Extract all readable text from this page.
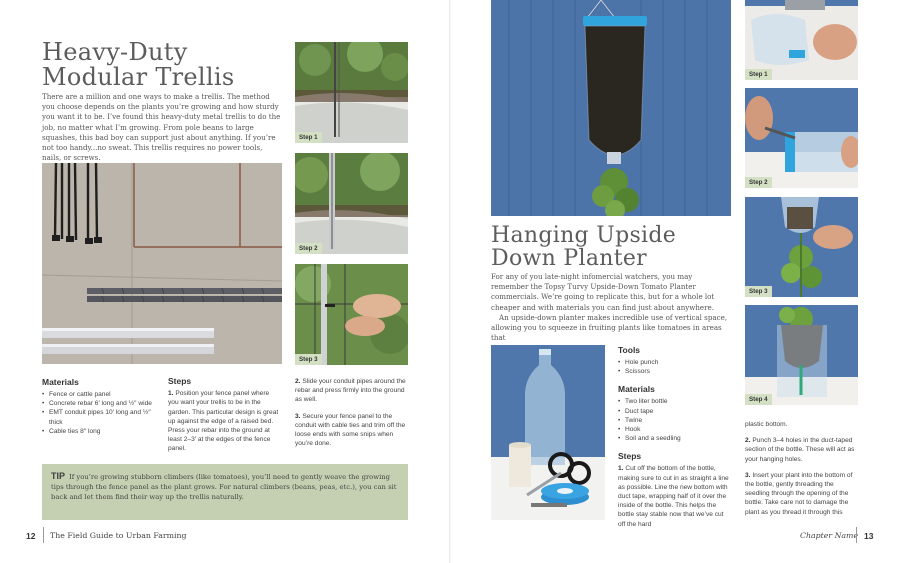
Heavy-Duty
Modular Trellis

There are a million and one ways to make a trellis. The method you choose depends on the plants you’re growing and how sturdy you want it to be. I’ve found this heavy-duty metal trellis to do the job, no matter what I’m growing. From pole beans to large squashes, this bad boy can support just about anything. If you’re not too handy...no sweat. This trellis requires no power tools, nails, or screws.

Step 1
Step 2
Step 3
Materials
• Fence or cattle panel
• Concrete rebar 6′ long and ½″ wide
• EMT conduit pipes 10′ long and ½″ thick
• Cable ties 8″ long
Steps

1. Position your fence panel where you want your trellis to be in the garden. This particular design is great up against the edge of a raised bed. Press your rebar into the ground at least 2–3′ at the edges of the fence panel.

2. Slide your conduit pipes around the rebar and press firmly into the ground as well.

3. Secure your fence panel to the conduit with cable ties and trim off the loose ends with some snips when you’re done.

TIP If you’re growing stubborn climbers (like tomatoes), you’ll need to gently weave the growing tips through the fence panel as the plant grows. For natural climbers (beans, peas, etc.), you can sit back and let them find their way up the trellis naturally.
12 The Field Guide to Urban Farming
Hanging Upside
Down Planter

For any of you late-night infomercial watchers, you may remember the Topsy Turvy Upside-Down Tomato Planter commercials. We’re going to replicate this, but for a whole lot cheaper and with materials you can find just about anywhere.

An upside-down planter makes incredible use of vertical space, allowing you to squeeze in fruiting plants like tomatoes in areas that

Tools
• Hole punch
• Scissors
Materials
• Two liter bottle
• Duct tape
• Twine
• Hook
• Soil and a seedling
Steps
1. Cut off the bottom of the bottle, making sure to cut in as straight a line as possible. Line the new bottom with duct tape, wrapping half of it over the inside of the bottle. This helps the bottle stay stable now that we’ve cut off the hard

plastic bottom.

2. Punch 3–4 holes in the duct-taped section of the bottle. These will act as your hanging holes.

3. Insert your plant into the bottom of the bottle, gently threading the seedling through the opening of the bottle. Take care not to damage the plant as you thread it through this

Step 1
Step 2
Step 3
Step 4
Chapter Name 13
